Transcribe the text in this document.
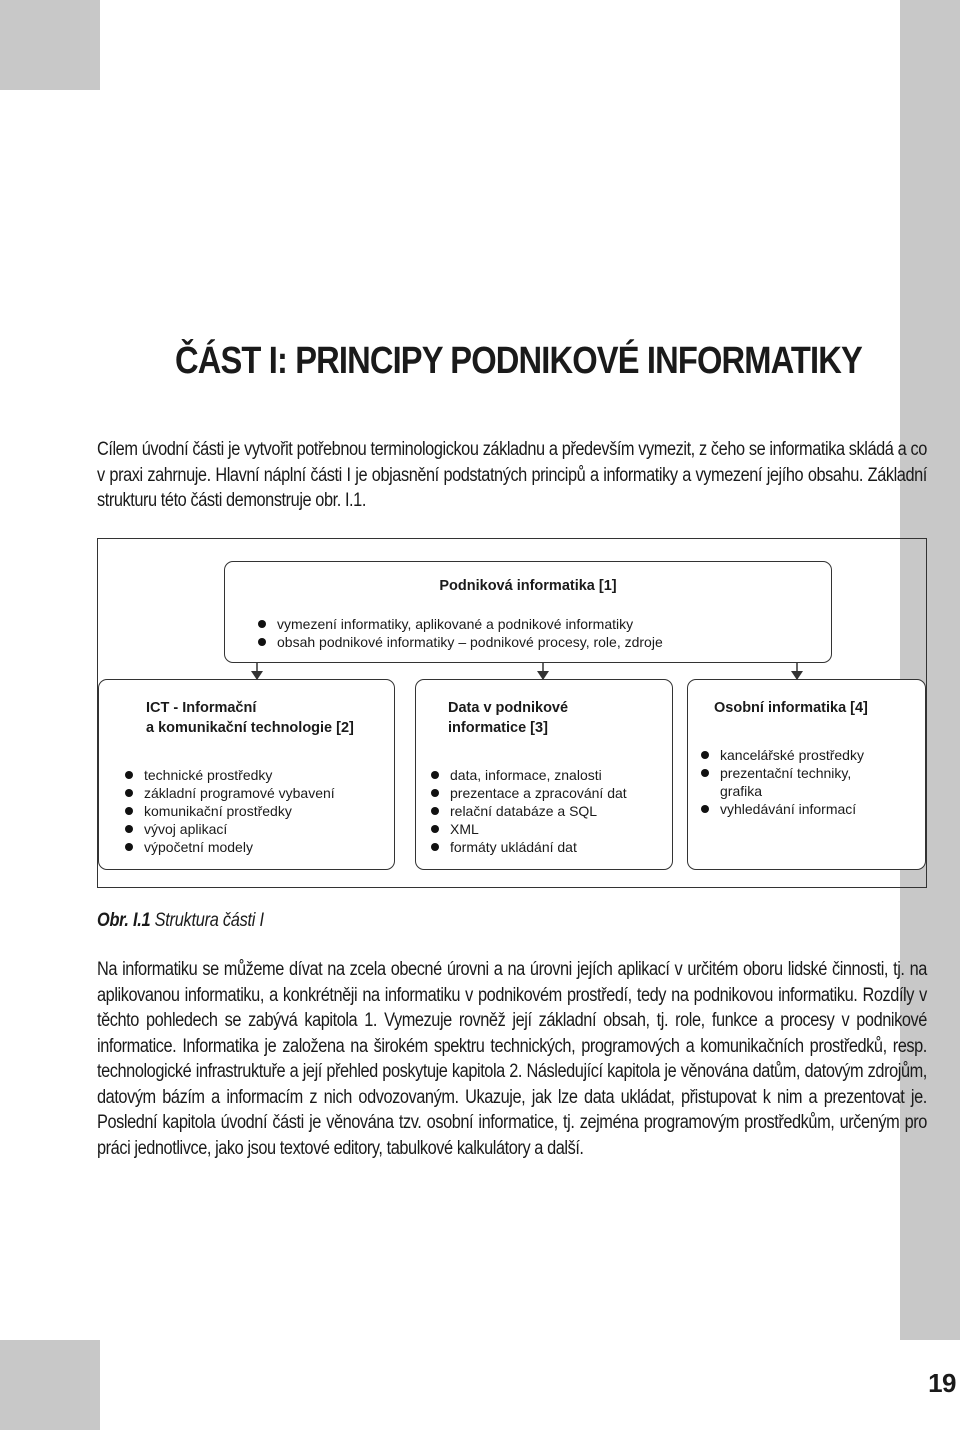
19
ČÁST I: PRINCIPY PODNIKOVÉ INFORMATIKY

Cílem úvodní části je vytvořit potřebnou terminologickou základnu a především vymezit, z čeho se informatika skládá a co v praxi zahrnuje. Hlavní náplní části I je objasnění podstatných principů a informatiky a vymezení jejího obsahu. Základní strukturu této části demonstruje obr. I.1.

Podniková informatika [1]
vymezení informatiky, aplikované a podnikové informatiky
obsah podnikové informatiky – podnikové procesy, role, zdroje
ICT - Informační
a komunikační technologie [2]
technické prostředky
základní programové vybavení
komunikační prostředky
vývoj aplikací
výpočetní modely
Data v podnikové
informatice [3]
data, informace, znalosti
prezentace a zpracování dat
relační databáze a SQL
XML
formáty ukládání dat
Osobní informatika [4]
kancelářské prostředky
prezentační techniky,
grafika
vyhledávání informací

Obr. I.1 Struktura části I

Na informatiku se můžeme dívat na zcela obecné úrovni a na úrovni jejích aplikací v určitém oboru lidské činnosti, tj. na aplikovanou informatiku, a konkrétněji na informatiku v podnikovém prostředí, tedy na podnikovou informatiku. Rozdíly v těchto pohledech se zabývá kapitola 1. Vymezuje rovněž její základní obsah, tj. role, funkce a procesy v podnikové informatice. Informatika je založena na širokém spektru technických, programových a komunikačních prostředků, resp. technologické infrastruktuře a její přehled poskytuje kapitola 2. Následující kapitola je věnována datům, datovým zdrojům, datovým bázím a informacím z nich odvozovaným. Ukazuje, jak lze data ukládat, přistupovat k nim a prezentovat je. Poslední kapitola úvodní části je věnována tzv. osobní informatice, tj. zejména programovým prostředkům, určeným pro práci jednotlivce, jako jsou textové editory, tabulkové kalkulátory a další.
